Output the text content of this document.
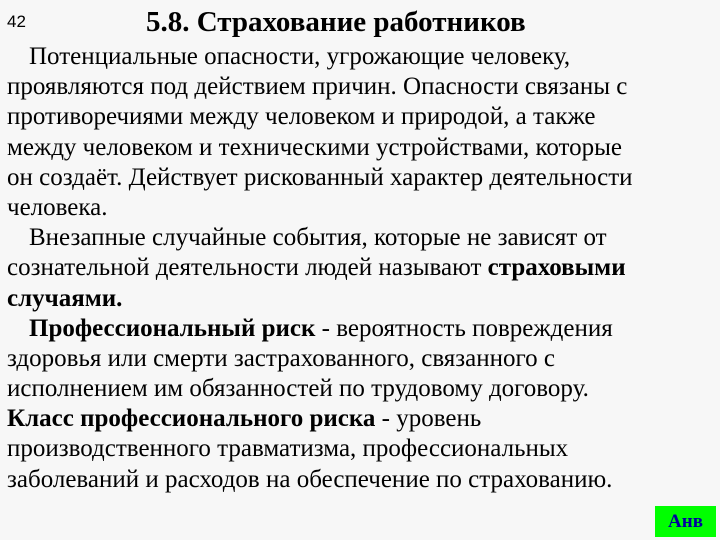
42	5.8. Страхование работников
Потенциальные опасности, угрожающие человеку,
проявляются под действием причин. Опасности связаны с
противоречиями между человеком и природой, а также
между человеком и техническими устройствами, которые
он создаёт. Действует рискованный характер деятельности
человека.
Внезапные случайные события, которые не зависят от
сознательной деятельности людей называют страховыми
случаями.
Профессиональный риск - вероятность повреждения
здоровья или смерти застрахованного, связанного с
исполнением им обязанностей по трудовому договору.
Класс профессионального риска - уровень
производственного травматизма, профессиональных
заболеваний и расходов на обеспечение по страхованию.
Анв
